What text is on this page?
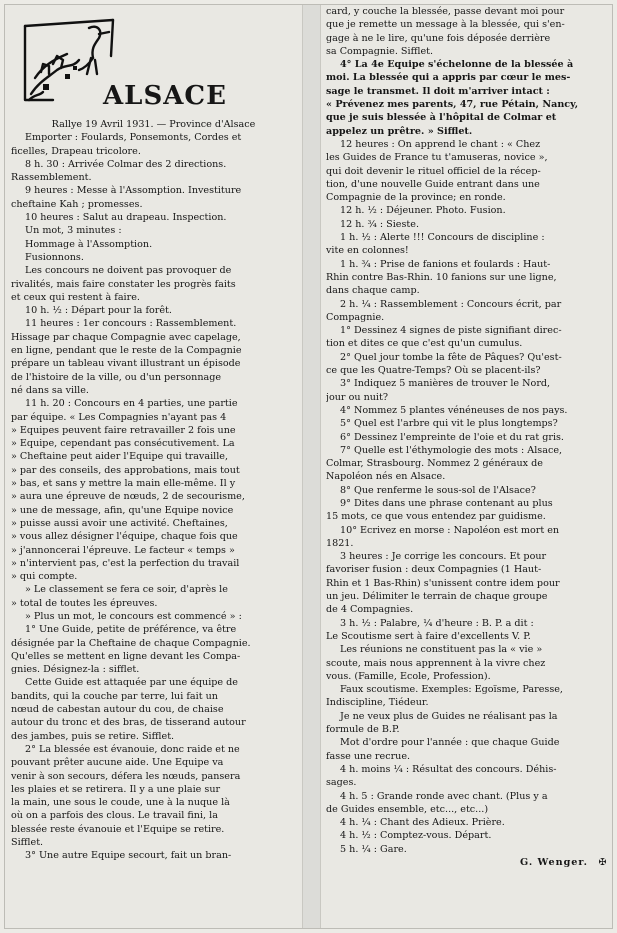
ALSACE

Rallye 19 Avril 1931. — Province d'Alsace

Emporter : Foulards, Ponsemonts, Cordes et

ficelles, Drapeau tricolore.

8 h. 30 : Arrivée Colmar des 2 directions.

Rassemblement.

9 heures : Messe à l'Assomption. Investiture

cheftaine Kah ; promesses.

10 heures : Salut au drapeau. Inspection.

Un mot, 3 minutes :

Hommage à l'Assomption.

Fusionnons.

Les concours ne doivent pas provoquer de

rivalités, mais faire constater les progrès faits

et ceux qui restent à faire.

10 h. ½ : Départ pour la forêt.

11 heures : 1er concours : Rassemblement.

Hissage par chaque Compagnie avec capelage,

en ligne, pendant que le reste de la Compagnie

prépare un tableau vivant illustrant un épisode

de l'histoire de la ville, ou d'un personnage

né dans sa ville.

11 h. 20 : Concours en 4 parties, une partie

par équipe. « Les Compagnies n'ayant pas 4

» Equipes peuvent faire retravailler 2 fois une

» Equipe, cependant pas consécutivement. La

» Cheftaine peut aider l'Equipe qui travaille,

» par des conseils, des approbations, mais tout

» bas, et sans y mettre la main elle-même. Il y

» aura une épreuve de nœuds, 2 de secourisme,

» une de message, afin, qu'une Equipe novice

» puisse aussi avoir une activité. Cheftaines,

» vous allez désigner l'équipe, chaque fois que

» j'annoncerai l'épreuve. Le facteur « temps »

» n'intervient pas, c'est la perfection du travail

» qui compte.

» Le classement se fera ce soir, d'après le

» total de toutes les épreuves.

» Plus un mot, le concours est commencé » :

1° Une Guide, petite de préférence, va être

désignée par la Cheftaine de chaque Compagnie.

Qu'elles se mettent en ligne devant les Compa-

gnies. Désignez-la : sifflet.

Cette Guide est attaquée par une équipe de

bandits, qui la couche par terre, lui fait un

nœud de cabestan autour du cou, de chaise

autour du tronc et des bras, de tisserand autour

des jambes, puis se retire. Sifflet.

2° La blessée est évanouie, donc raide et ne

pouvant prêter aucune aide. Une Equipe va

venir à son secours, défera les nœuds, pansera

les plaies et se retirera. Il y a une plaie sur

la main, une sous le coude, une à la nuque là

où on a parfois des clous. Le travail fini, la

blessée reste évanouie et l'Equipe se retire.

Sifflet.

3° Une autre Equipe secourt, fait un bran-

card, y couche la blessée, passe devant moi pour

que je remette un message à la blessée, qui s'en-

gage à ne le lire, qu'une fois déposée derrière

sa Compagnie. Sifflet.

4° La 4e Equipe s'échelonne de la blessée à

moi. La blessée qui a appris par cœur le mes-

sage le transmet. Il doit m'arriver intact :

« Prévenez mes parents, 47, rue Pétain, Nancy,

que je suis blessée à l'hôpital de Colmar et

appelez un prêtre. » Sifflet.

12 heures : On apprend le chant : « Chez

les Guides de France tu t'amuseras, novice »,

qui doit devenir le rituel officiel de la récep-

tion, d'une nouvelle Guide entrant dans une

Compagnie de la province; en ronde.

12 h. ½ : Déjeuner. Photo. Fusion.

12 h. ¾ : Sieste.

1 h. ½ : Alerte !!! Concours de discipline :

vite en colonnes!

1 h. ¾ : Prise de fanions et foulards : Haut-

Rhin contre Bas-Rhin. 10 fanions sur une ligne,

dans chaque camp.

2 h. ¼ : Rassemblement : Concours écrit, par

Compagnie.

1° Dessinez 4 signes de piste signifiant direc-

tion et dites ce que c'est qu'un cumulus.

2° Quel jour tombe la fête de Pâques? Qu'est-

ce que les Quatre-Temps? Où se placent-ils?

3° Indiquez 5 manières de trouver le Nord,

jour ou nuit?

4° Nommez 5 plantes vénéneuses de nos pays.

5° Quel est l'arbre qui vit le plus longtemps?

6° Dessinez l'empreinte de l'oie et du rat gris.

7° Quelle est l'éthymologie des mots : Alsace,

Colmar, Strasbourg. Nommez 2 généraux de

Napoléon nés en Alsace.

8° Que renferme le sous-sol de l'Alsace?

9° Dites dans une phrase contenant au plus

15 mots, ce que vous entendez par guidisme.

10° Ecrivez en morse : Napoléon est mort en

1821.

3 heures : Je corrige les concours. Et pour

favoriser fusion : deux Compagnies (1 Haut-

Rhin et 1 Bas-Rhin) s'unissent contre idem pour

un jeu. Délimiter le terrain de chaque groupe

de 4 Compagnies.

3 h. ½ : Palabre, ¼ d'heure : B. P. a dit :

Le Scoutisme sert à faire d'excellents V. P.

Les réunions ne constituent pas la « vie »

scoute, mais nous apprennent à la vivre chez

vous. (Famille, Ecole, Profession).

Faux scoutisme. Exemples: Egoïsme, Paresse,

Indiscipline, Tiédeur.

Je ne veux plus de Guides ne réalisant pas la

formule de B.P.

Mot d'ordre pour l'année : que chaque Guide

fasse une recrue.

4 h. moins ¼ : Résultat des concours. Déhis-

sages.

4 h. 5 : Grande ronde avec chant. (Plus y a

de Guides ensemble, etc..., etc...)

4 h. ¼ : Chant des Adieux. Prière.

4 h. ½ : Comptez-vous. Départ.

5 h. ¼ : Gare.

G. Wenger. ✠
